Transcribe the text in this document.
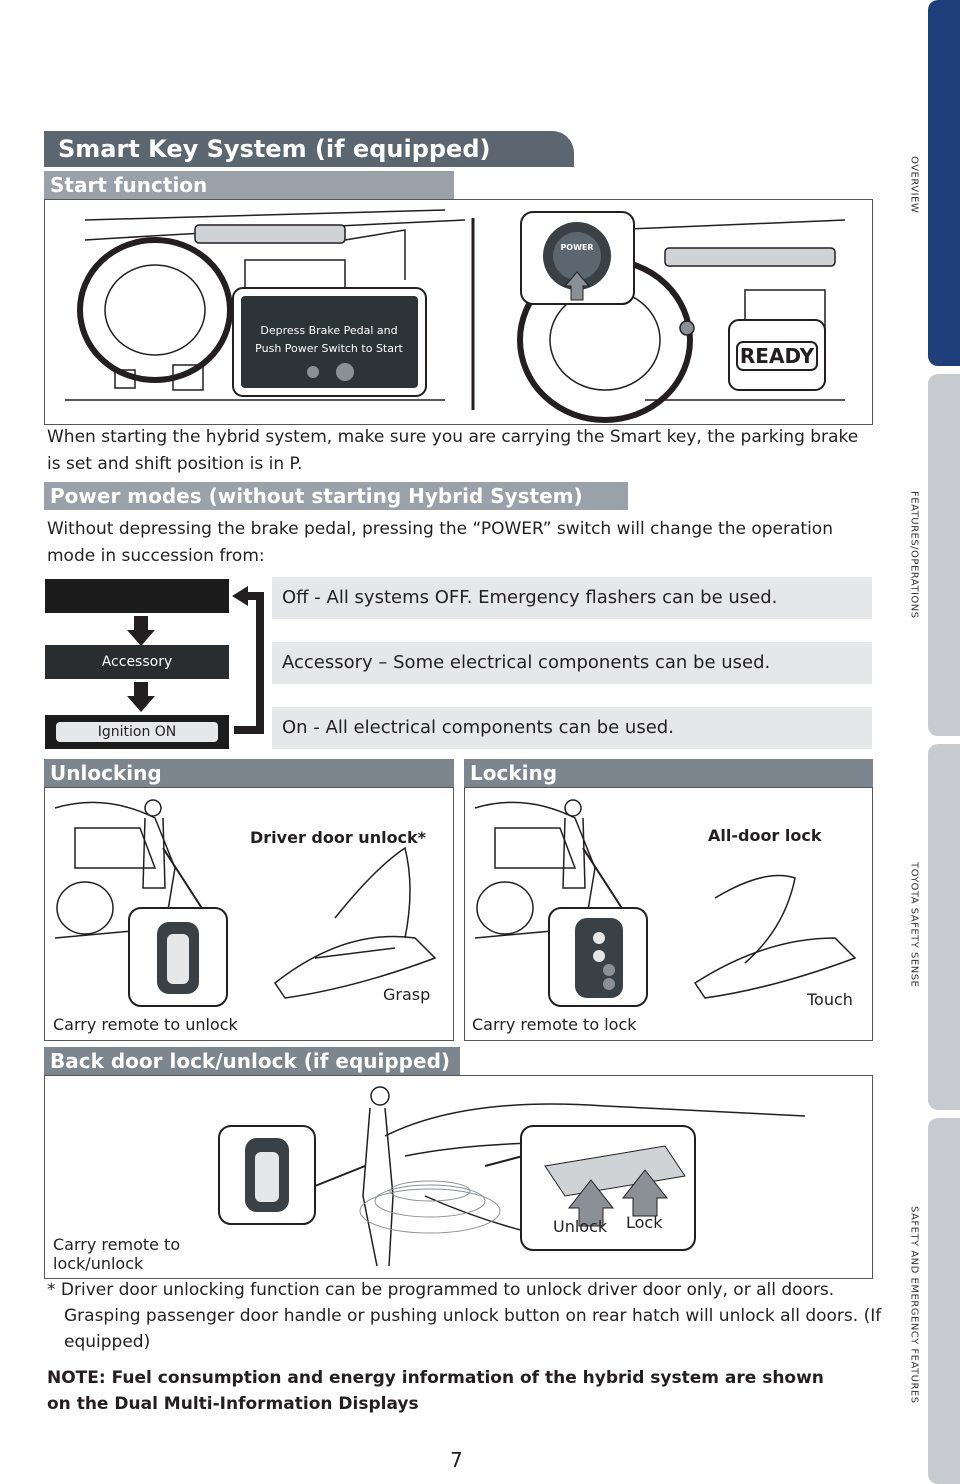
OVERVIEW
FEATURES/OPERATIONS
TOYOTA SAFETY SENSE
SAFETY AND EMERGENCY FEATURES
Smart Key System (if equipped)
Start function
Depress Brake Pedal and
Push Power Switch to Start
POWER
READY
When starting the hybrid system, make sure you are carrying the Smart key, the parking brake is set and shift position is in P.
Power modes (without starting Hybrid System)
Without depressing the brake pedal, pressing the “POWER” switch will change the operation mode in succession from:
Accessory
Ignition ON
Off - All systems OFF. Emergency flashers can be used.
Accessory – Some electrical components can be used.
On - All electrical components can be used.
Unlocking	Locking
Driver door unlock*
Grasp
Carry remote to unlock
All-door lock
Touch
Carry remote to lock
Back door lock/unlock (if equipped)
Unlock Lock
Carry remote to lock/unlock
* Driver door unlocking function can be programmed to unlock driver door only, or all doors. Grasping passenger door handle or pushing unlock button on rear hatch will unlock all doors. (If equipped)
NOTE: Fuel consumption and energy information of the hybrid system are shown on the Dual Multi-Information Displays
7
